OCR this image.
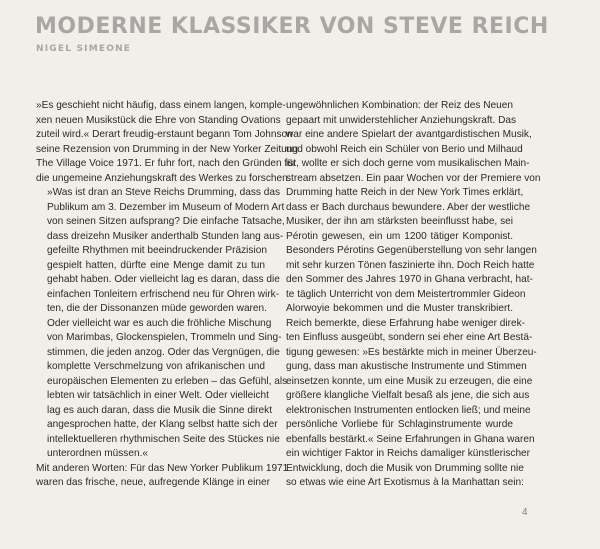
MODERNE KLASSIKER VON STEVE REICH
NIGEL SIMEONE
»Es geschieht nicht häufig, dass einem langen, komple-
xen neuen Musikstück die Ehre von Standing Ovations
zuteil wird.« Derart freudig-erstaunt begann Tom Johnson
seine Rezension von Drumming in der New Yorker Zeitung
The Village Voice 1971. Er fuhr fort, nach den Gründen für
die ungemeine Anziehungskraft des Werkes zu forschen:
»Was ist dran an Steve Reichs Drumming, dass das
Publikum am 3. Dezember im Museum of Modern Art
von seinen Sitzen aufsprang? Die einfache Tatsache,
dass dreizehn Musiker anderthalb Stunden lang aus-
gefeilte Rhythmen mit beeindruckender Präzision
gespielt hatten, dürfte eine Menge damit zu tun
gehabt haben. Oder vielleicht lag es daran, dass die
einfachen Tonleitern erfrischend neu für Ohren wirk-
ten, die der Dissonanzen müde geworden waren.
Oder vielleicht war es auch die fröhliche Mischung
von Marimbas, Glockenspielen, Trommeln und Sing-
stimmen, die jeden anzog. Oder das Vergnügen, die
komplette Verschmelzung von afrikanischen und
europäischen Elementen zu erleben – das Gefühl, als
lebten wir tatsächlich in einer Welt. Oder vielleicht
lag es auch daran, dass die Musik die Sinne direkt
angesprochen hatte, der Klang selbst hatte sich der
intellektuelleren rhythmischen Seite des Stückes nie
unterordnen müssen.«
Mit anderen Worten: Für das New Yorker Publikum 1971
waren das frische, neue, aufregende Klänge in einer
ungewöhnlichen Kombination: der Reiz des Neuen
gepaart mit unwiderstehlicher Anziehungskraft. Das
war eine andere Spielart der avantgardistischen Musik,
und obwohl Reich ein Schüler von Berio und Milhaud
ist, wollte er sich doch gerne vom musikalischen Main-
stream absetzen. Ein paar Wochen vor der Premiere von
Drumming hatte Reich in der New York Times erklärt,
dass er Bach durchaus bewundere. Aber der westliche
Musiker, der ihn am stärksten beeinflusst habe, sei
Pérotin gewesen, ein um 1200 tätiger Komponist.
Besonders Pérotins Gegenüberstellung von sehr langen
mit sehr kurzen Tönen faszinierte ihn. Doch Reich hatte
den Sommer des Jahres 1970 in Ghana verbracht, hat-
te täglich Unterricht von dem Meistertrommler Gideon
Alorwoyie bekommen und die Muster transkribiert.
Reich bemerkte, diese Erfahrung habe weniger direk-
ten Einfluss ausgeübt, sondern sei eher eine Art Bestä-
tigung gewesen: »Es bestärkte mich in meiner Überzeu-
gung, dass man akustische Instrumente und Stimmen
einsetzen konnte, um eine Musik zu erzeugen, die eine
größere klangliche Vielfalt besaß als jene, die sich aus
elektronischen Instrumenten entlocken ließ; und meine
persönliche Vorliebe für Schlaginstrumente wurde
ebenfalls bestärkt.« Seine Erfahrungen in Ghana waren
ein wichtiger Faktor in Reichs damaliger künstlerischer
Entwicklung, doch die Musik von Drumming sollte nie
so etwas wie eine Art Exotismus à la Manhattan sein:
4
